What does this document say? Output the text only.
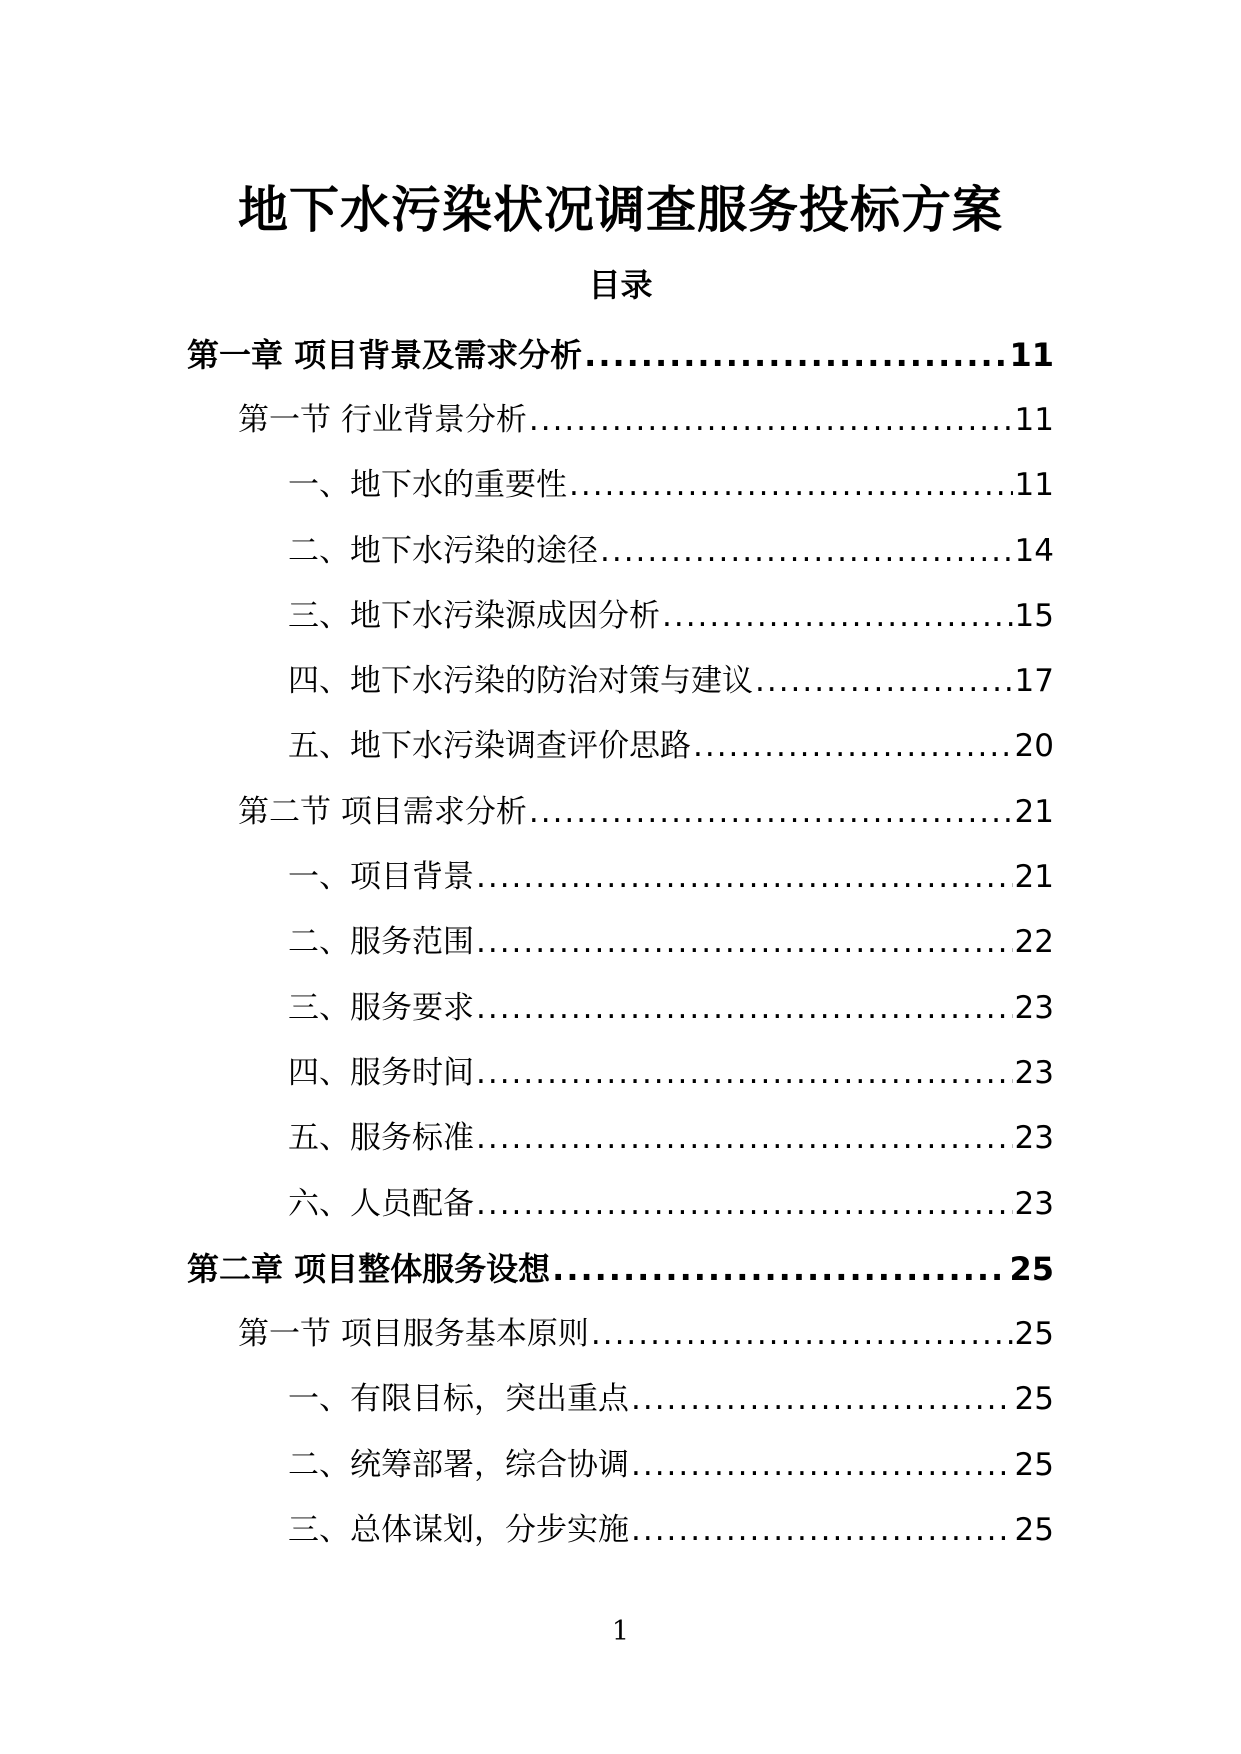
地下水污染状况调查服务投标方案
目录
第一章 项目背景及需求分析 .....	11
第一节 行业背景分析 .....	11
一、地下水的重要性 .....	11
二、地下水污染的途径 .....	14
三、地下水污染源成因分析 .....	15
四、地下水污染的防治对策与建议 .....	17
五、地下水污染调查评价思路 .....	20
第二节 项目需求分析 .....	21
一、项目背景 .....	21
二、服务范围 .....	22
三、服务要求 .....	23
四、服务时间 .....	23
五、服务标准 .....	23
六、人员配备 .....	23
第二章 项目整体服务设想 .....	25
第一节 项目服务基本原则 .....	25
一、有限目标，突出重点 .....	25
二、统筹部署，综合协调 .....	25
三、总体谋划，分步实施 .....	25
1
